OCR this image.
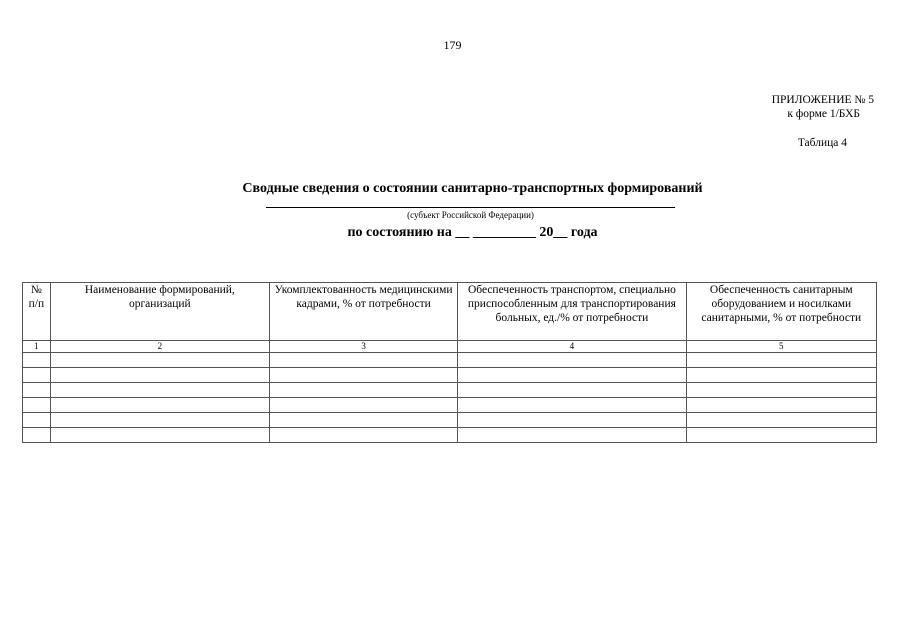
179
ПРИЛОЖЕНИЕ № 5

к форме 1/БХБ
Таблица 4
Сводные сведения о состоянии санитарно-транспортных формирований
(субъект Российской Федерации)
по состоянию на __ _________ 20__ года
№ п/п	Наименование формирований, организаций	Укомплектованность медицинскими кадрами, % от потребности	Обеспеченность транспортом, специально приспособленным для транспортирования больных, ед./% от потребности	Обеспеченность санитарным оборудованием и носилками санитарными, % от потребности
1	2	3	4	5
